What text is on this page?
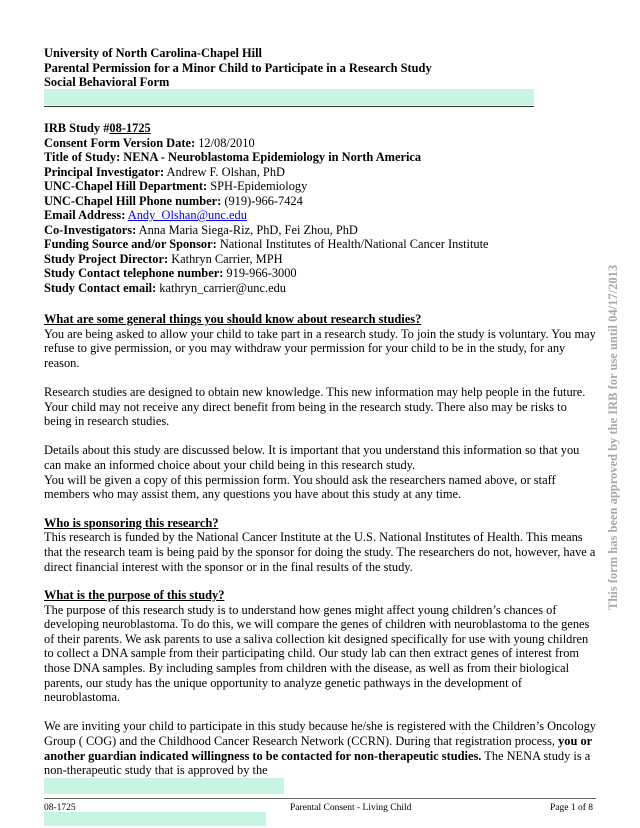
University of North Carolina-Chapel Hill
Parental Permission for a Minor Child to Participate in a Research Study
Social Behavioral Form
IRB Study #08-1725
Consent Form Version Date: 12/08/2010
Title of Study: NENA - Neuroblastoma Epidemiology in North America
Principal Investigator: Andrew F. Olshan, PhD
UNC-Chapel Hill Department: SPH-Epidemiology
UNC-Chapel Hill Phone number: (919)-966-7424
Email Address: Andy_Olshan@unc.edu
Co-Investigators: Anna Maria Siega-Riz, PhD, Fei Zhou, PhD
Funding Source and/or Sponsor: National Institutes of Health/National Cancer Institute
Study Project Director: Kathryn Carrier, MPH
Study Contact telephone number: 919-966-3000
Study Contact email: kathryn_carrier@unc.edu
What are some general things you should know about research studies?

You are being asked to allow your child to take part in a research study. To join the study is voluntary. You may refuse to give permission, or you may withdraw your permission for your child to be in the study, for any reason.

Research studies are designed to obtain new knowledge. This new information may help people in the future. Your child may not receive any direct benefit from being in the research study. There also may be risks to being in research studies.

Details about this study are discussed below. It is important that you understand this information so that you can make an informed choice about your child being in this research study.

You will be given a copy of this permission form. You should ask the researchers named above, or staff members who may assist them, any questions you have about this study at any time.

Who is sponsoring this research?

This research is funded by the National Cancer Institute at the U.S. National Institutes of Health. This means that the research team is being paid by the sponsor for doing the study. The researchers do not, however, have a direct financial interest with the sponsor or in the final results of the study.

What is the purpose of this study?

The purpose of this research study is to understand how genes might affect young children’s chances of developing neuroblastoma. To do this, we will compare the genes of children with neuroblastoma to the genes of their parents. We ask parents to use a saliva collection kit designed specifically for use with young children to collect a DNA sample from their participating child. Our study lab can then extract genes of interest from those DNA samples. By including samples from children with the disease, as well as from their biological parents, our study has the unique opportunity to analyze genetic pathways in the development of neuroblastoma.

We are inviting your child to participate in this study because he/she is registered with the Children’s Oncology Group ( COG) and the Childhood Cancer Research Network (CCRN). During that registration process, you or another guardian indicated willingness to be contacted for non-therapeutic studies. The NENA study is a non-therapeutic study that is approved by the

08-1725	Parental Consent - Living Child	Page 1 of 8
This form has been approved by the IRB for use until 04/17/2013
